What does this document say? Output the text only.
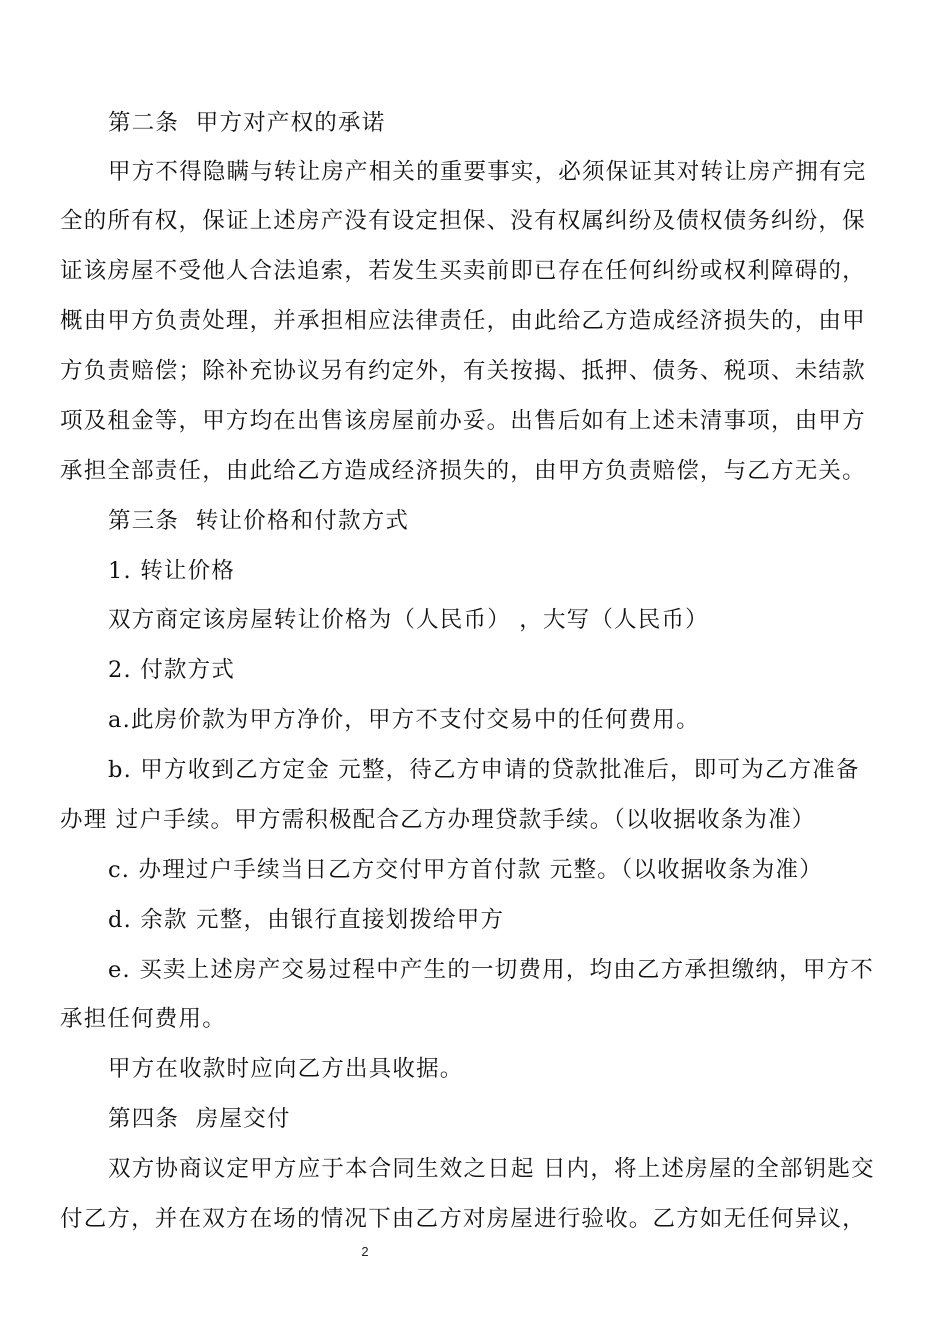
第二条  甲方对产权的承诺
甲方不得隐瞒与转让房产相关的重要事实，必须保证其对转让房产拥有完
全的所有权，保证上述房产没有设定担保、没有权属纠纷及债权债务纠纷，保
证该房屋不受他人合法追索，若发生买卖前即已存在任何纠纷或权利障碍的，
概由甲方负责处理，并承担相应法律责任，由此给乙方造成经济损失的，由甲
方负责赔偿；除补充协议另有约定外，有关按揭、抵押、债务、税项、未结款
项及租金等，甲方均在出售该房屋前办妥。出售后如有上述未清事项，由甲方
承担全部责任，由此给乙方造成经济损失的，由甲方负责赔偿，与乙方无关。
第三条  转让价格和付款方式
1. 转让价格
双方商定该房屋转让价格为（人民币） ，大写（人民币）
2. 付款方式
a.此房价款为甲方净价，甲方不支付交易中的任何费用。
b. 甲方收到乙方定金 元整，待乙方申请的贷款批准后，即可为乙方准备
办理 过户手续。甲方需积极配合乙方办理贷款手续。（以收据收条为准）
c. 办理过户手续当日乙方交付甲方首付款 元整。（以收据收条为准）
d. 余款 元整，由银行直接划拨给甲方
e. 买卖上述房产交易过程中产生的一切费用，均由乙方承担缴纳，甲方不
承担任何费用。
甲方在收款时应向乙方出具收据。
第四条  房屋交付
双方协商议定甲方应于本合同生效之日起 日内，将上述房屋的全部钥匙交
付乙方，并在双方在场的情况下由乙方对房屋进行验收。乙方如无任何异议，
2
